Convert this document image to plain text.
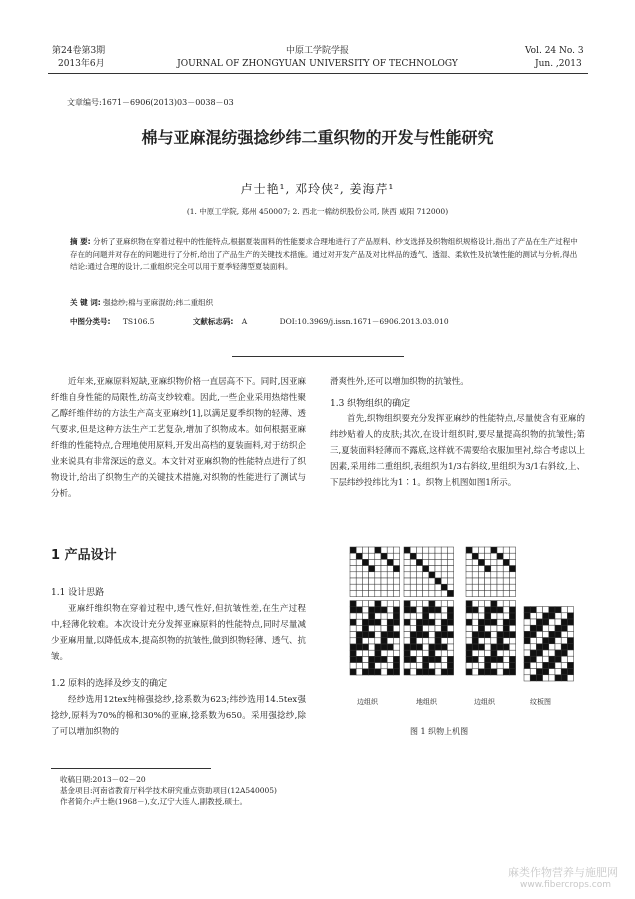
第24卷第3期
2013年6月
中原工学院学报
JOURNAL OF ZHONGYUAN UNIVERSITY OF TECHNOLOGY
Vol. 24 No. 3
Jun. ,2013
文章编号:1671－6906(2013)03－0038－03
棉与亚麻混纺强捻纱纬二重织物的开发与性能研究
卢士艳¹, 邓玲侠², 姜海芹¹
(1. 中原工学院, 郑州 450007; 2. 西北一棉纺织股份公司, 陕西 咸阳 712000)
摘 要: 分析了亚麻织物在穿着过程中的性能特点,根据夏装面料的性能要求合理地进行了产品原料、纱支选择及织物组织规格设计,指出了产品在生产过程中存在的问题并对存在的问题进行了分析,给出了产品生产的关键技术措施。通过对开发产品及对比样品的透气、透湿、柔软性及抗皱性能的测试与分析,得出结论:通过合理的设计,二重组织完全可以用于夏季轻薄型夏装面料。
关 键 词: 强捻纱;棉与亚麻混纺;纬二重组织
中图分类号: TS106.5	文献标志码: A	DOI:10.3969/j.issn.1671－6906.2013.03.010

近年来,亚麻原料短缺,亚麻织物价格一直居高不下。同时,因亚麻纤维自身性能的局限性,纺高支纱较难。因此,一些企业采用热熔性聚乙醇纤维伴纺的方法生产高支亚麻纱[1],以满足夏季织物的轻薄、透气要求,但是这种方法生产工艺复杂,增加了织物成本。如何根据亚麻纤维的性能特点,合理地使用原料,开发出高档的夏装面料,对于纺织企业来说具有非常深远的意义。本文针对亚麻织物的性能特点进行了织物设计,给出了织物生产的关键技术措施,对织物的性能进行了测试与分析。

1 产品设计
1.1 设计思路

亚麻纤维织物在穿着过程中,透气性好,但抗皱性差,在生产过程中,轻薄化较难。本次设计充分发挥亚麻原料的性能特点,同时尽量减少亚麻用量,以降低成本,提高织物的抗皱性,做到织物轻薄、透气、抗皱。

1.2 原料的选择及纱支的确定

经纱选用12tex纯棉强捻纱,捻系数为623;纬纱选用14.5tex强捻纱,原料为70%的棉和30%的亚麻,捻系数为650。采用强捻纱,除了可以增加织物的

收稿日期:2013－02－20
基金项目:河南省教育厅科学技术研究重点资助项目(12A540005)
作者简介:卢士艳(1968－),女,辽宁大连人,副教授,硕士。
滑爽性外,还可以增加织物的抗皱性。
1.3 织物组织的确定

首先,织物组织要充分发挥亚麻纱的性能特点,尽量使含有亚麻的纬纱贴着人的皮肤;其次,在设计组织时,要尽量提高织物的抗皱性;第三,夏装面料轻薄而不露底,这样就不需要给衣服加里衬,综合考虑以上因素,采用纬二重组织,表组织为1/3右斜纹,里组织为3/1右斜纹,上、下层纬纱投纬比为1∶1。织物上机图如图1所示。

边组织	地组织	边组织	纹板图
图 1 织物上机图
麻类作物营养与施肥网
www.fibercrops.com
